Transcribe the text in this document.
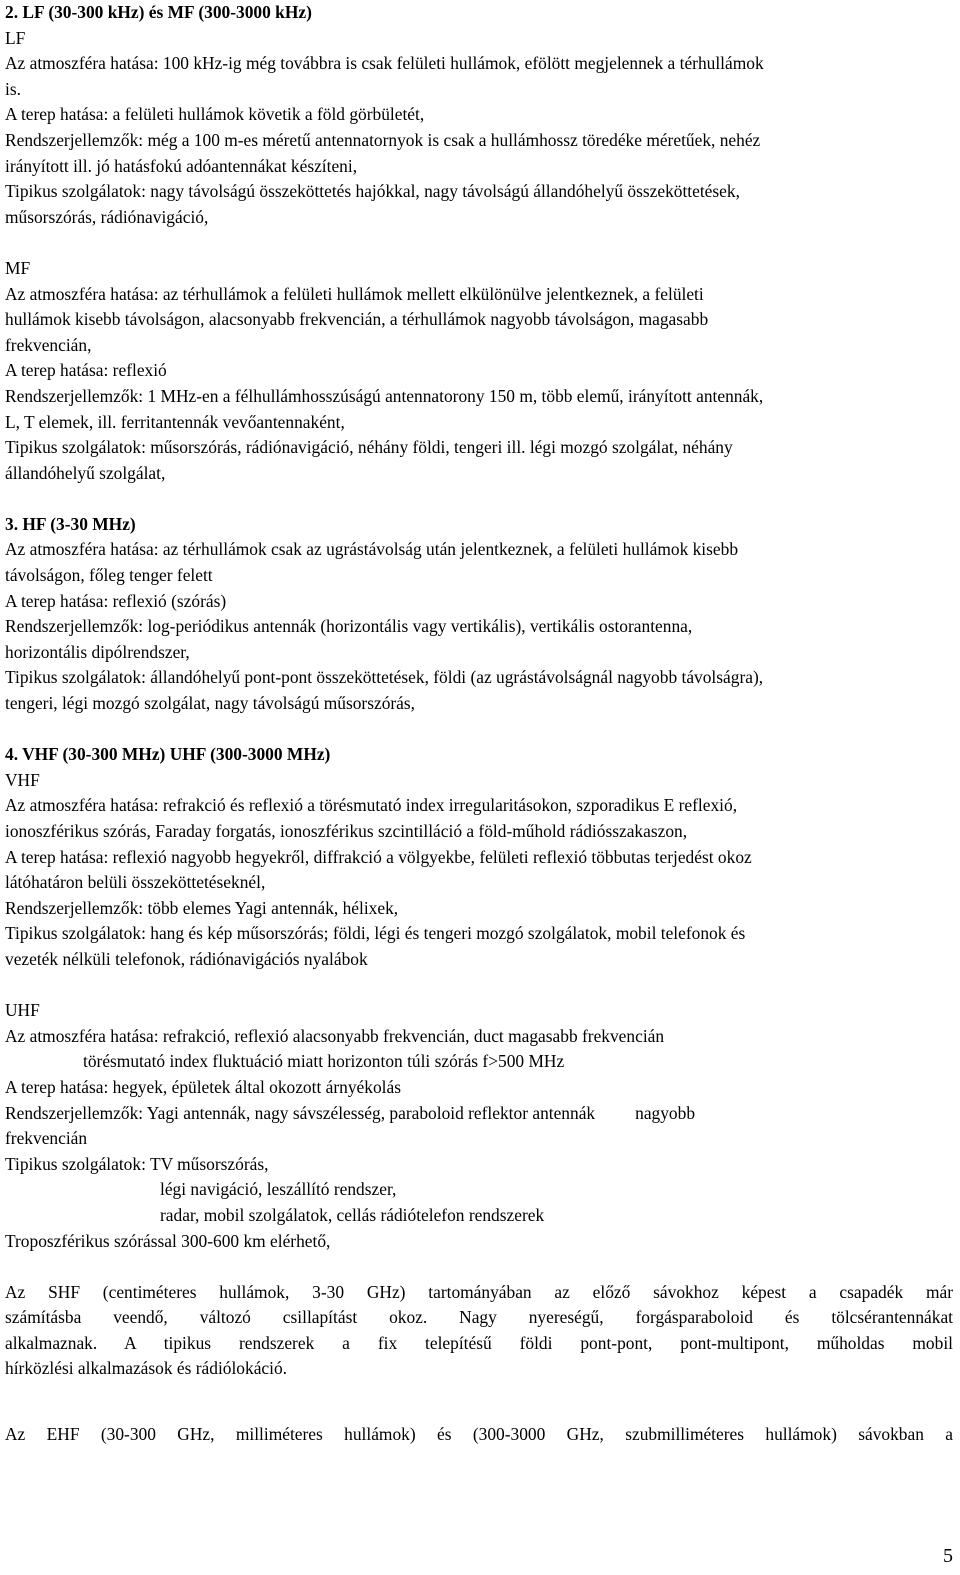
2. LF (30-300 kHz) és MF (300-3000 kHz)
LF
Az atmoszféra hatása: 100 kHz-ig még továbbra is csak felületi hullámok, efölött megjelennek a térhullámok
is.
A terep hatása: a felületi hullámok követik a föld görbületét,
Rendszerjellemzők: még a 100 m-es méretű antennatornyok is csak a hullámhossz töredéke méretűek, nehéz
irányított ill. jó hatásfokú adóantennákat készíteni,
Tipikus szolgálatok: nagy távolságú összeköttetés hajókkal, nagy távolságú állandóhelyű összeköttetések,
műsorszórás, rádiónavigáció,
MF
Az atmoszféra hatása: az térhullámok a felületi hullámok mellett elkülönülve jelentkeznek, a felületi
hullámok kisebb távolságon, alacsonyabb frekvencián, a térhullámok nagyobb távolságon, magasabb
frekvencián,
A terep hatása: reflexió
Rendszerjellemzők: 1 MHz-en a félhullámhosszúságú antennatorony 150 m, több elemű, irányított antennák,
L, T elemek, ill. ferritantennák vevőantennaként,
Tipikus szolgálatok: műsorszórás, rádiónavigáció, néhány földi, tengeri ill. légi mozgó szolgálat, néhány
állandóhelyű szolgálat,
3. HF (3-30 MHz)
Az atmoszféra hatása: az térhullámok csak az ugrástávolság után jelentkeznek, a felületi hullámok kisebb
távolságon, főleg tenger felett
A terep hatása: reflexió (szórás)
Rendszerjellemzők: log-periódikus antennák (horizontális vagy vertikális), vertikális ostorantenna,
horizontális dipólrendszer,
Tipikus szolgálatok: állandóhelyű pont-pont összeköttetések, földi (az ugrástávolságnál nagyobb távolságra),
tengeri, légi mozgó szolgálat, nagy távolságú műsorszórás,
4. VHF (30-300 MHz) UHF (300-3000 MHz)
VHF
Az atmoszféra hatása: refrakció és reflexió a törésmutató index irregularitásokon, szporadikus E reflexió,
ionoszférikus szórás, Faraday forgatás, ionoszférikus szcintilláció a föld-műhold rádiósszakaszon,
A terep hatása: reflexió nagyobb hegyekről, diffrakció a völgyekbe, felületi reflexió többutas terjedést okoz
látóhatáron belüli összeköttetéseknél,
Rendszerjellemzők: több elemes Yagi antennák, hélixek,
Tipikus szolgálatok: hang és kép műsorszórás; földi, légi és tengeri mozgó szolgálatok, mobil telefonok és
vezeték nélküli telefonok, rádiónavigációs nyalábok
UHF
Az atmoszféra hatása: refrakció, reflexió alacsonyabb frekvencián, duct magasabb frekvencián
törésmutató index fluktuáció miatt horizonton túli szórás f>500 MHz
A terep hatása: hegyek, épületek által okozott árnyékolás
Rendszerjellemzők: Yagi antennák, nagy sávszélesség, paraboloid reflektor antennák nagyobb
frekvencián
Tipikus szolgálatok: TV műsorszórás,
légi navigáció, leszállító rendszer,
radar, mobil szolgálatok, cellás rádiótelefon rendszerek
Troposzférikus szórással 300-600 km elérhető,
Az SHF (centiméteres hullámok, 3-30 GHz) tartományában az előző sávokhoz képest a csapadék már
számításba veendő, változó csillapítást okoz. Nagy nyereségű, forgásparaboloid és tölcsérantennákat
alkalmaznak. A tipikus rendszerek a fix telepítésű földi pont-pont, pont-multipont, műholdas mobil
hírközlési alkalmazások és rádiólokáció.
Az EHF (30-300 GHz, milliméteres hullámok) és (300-3000 GHz, szubmilliméteres hullámok) sávokban a
5
